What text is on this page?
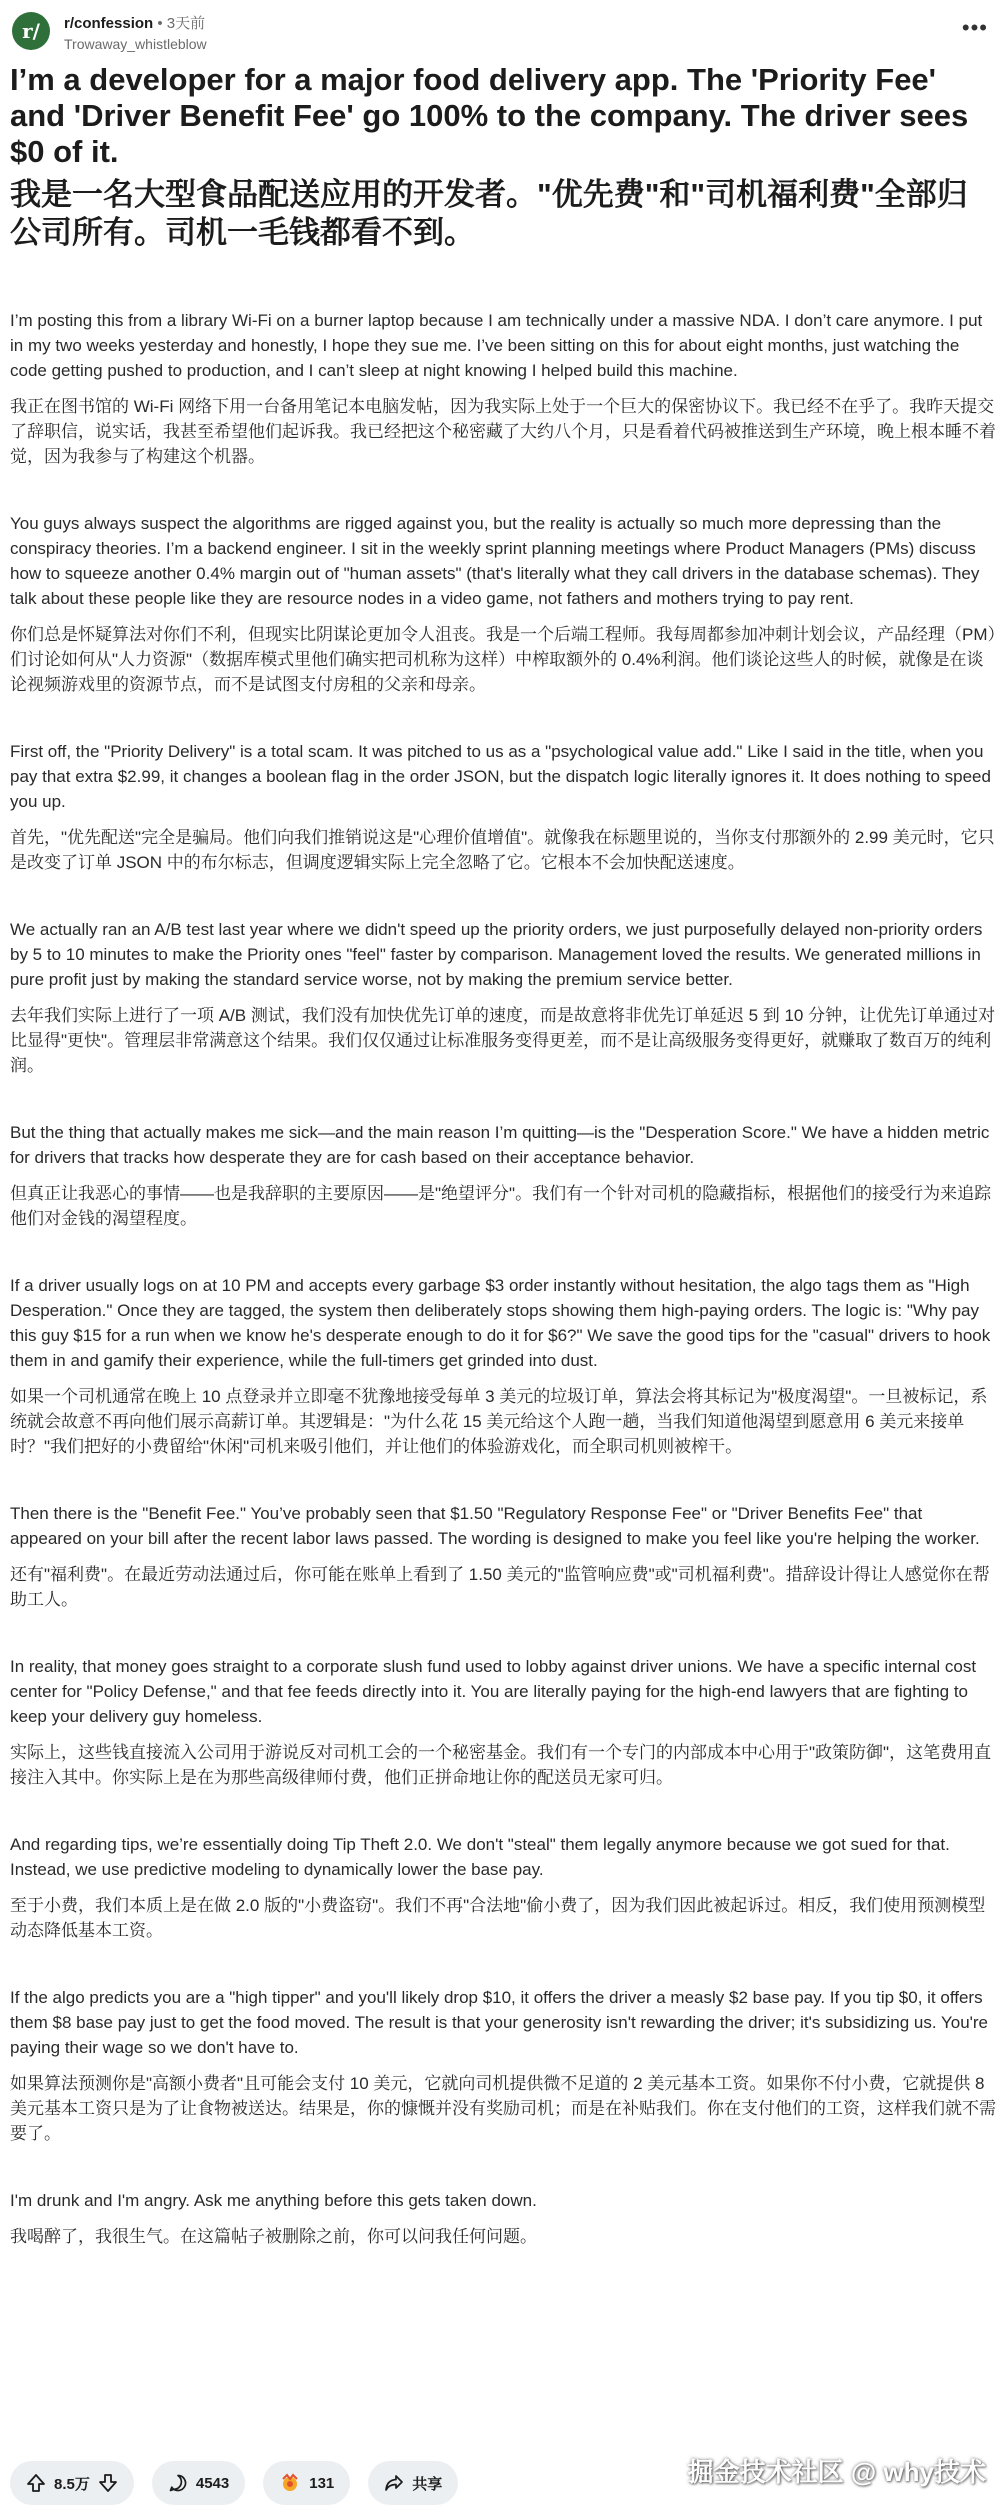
r/	r/confession • 3天前
Trowaway_whistleblow
•••
I’m a developer for a major food delivery app. The 'Priority Fee' and 'Driver Benefit Fee' go 100% to the company. The driver sees $0 of it.
我是一名大型食品配送应用的开发者。"优先费"和"司机福利费"全部归公司所有。司机一毛钱都看不到。

I’m posting this from a library Wi-Fi on a burner laptop because I am technically under a massive NDA. I don’t care anymore. I put in my two weeks yesterday and honestly, I hope they sue me. I’ve been sitting on this for about eight months, just watching the code getting pushed to production, and I can’t sleep at night knowing I helped build this machine.

我正在图书馆的 Wi-Fi 网络下用一台备用笔记本电脑发帖，因为我实际上处于一个巨大的保密协议下。我已经不在乎了。我昨天提交了辞职信，说实话，我甚至希望他们起诉我。我已经把这个秘密藏了大约八个月，只是看着代码被推送到生产环境，晚上根本睡不着觉，因为我参与了构建这个机器。

You guys always suspect the algorithms are rigged against you, but the reality is actually so much more depressing than the conspiracy theories. I’m a backend engineer. I sit in the weekly sprint planning meetings where Product Managers (PMs) discuss how to squeeze another 0.4% margin out of "human assets" (that's literally what they call drivers in the database schemas). They talk about these people like they are resource nodes in a video game, not fathers and mothers trying to pay rent.

你们总是怀疑算法对你们不利，但现实比阴谋论更加令人沮丧。我是一个后端工程师。我每周都参加冲刺计划会议，产品经理（PM）们讨论如何从"人力资源"（数据库模式里他们确实把司机称为这样）中榨取额外的 0.4%利润。他们谈论这些人的时候，就像是在谈论视频游戏里的资源节点，而不是试图支付房租的父亲和母亲。

First off, the "Priority Delivery" is a total scam. It was pitched to us as a "psychological value add." Like I said in the title, when you pay that extra $2.99, it changes a boolean flag in the order JSON, but the dispatch logic literally ignores it. It does nothing to speed you up.

首先，"优先配送"完全是骗局。他们向我们推销说这是"心理价值增值"。就像我在标题里说的，当你支付那额外的 2.99 美元时，它只是改变了订单 JSON 中的布尔标志，但调度逻辑实际上完全忽略了它。它根本不会加快配送速度。

We actually ran an A/B test last year where we didn't speed up the priority orders, we just purposefully delayed non-priority orders by 5 to 10 minutes to make the Priority ones "feel" faster by comparison. Management loved the results. We generated millions in pure profit just by making the standard service worse, not by making the premium service better.

去年我们实际上进行了一项 A/B 测试，我们没有加快优先订单的速度，而是故意将非优先订单延迟 5 到 10 分钟，让优先订单通过对比显得"更快"。管理层非常满意这个结果。我们仅仅通过让标准服务变得更差，而不是让高级服务变得更好，就赚取了数百万的纯利润。

But the thing that actually makes me sick—and the main reason I’m quitting—is the "Desperation Score." We have a hidden metric for drivers that tracks how desperate they are for cash based on their acceptance behavior.

但真正让我恶心的事情——也是我辞职的主要原因——是"绝望评分"。我们有一个针对司机的隐藏指标，根据他们的接受行为来追踪他们对金钱的渴望程度。

If a driver usually logs on at 10 PM and accepts every garbage $3 order instantly without hesitation, the algo tags them as "High Desperation." Once they are tagged, the system then deliberately stops showing them high-paying orders. The logic is: "Why pay this guy $15 for a run when we know he's desperate enough to do it for $6?" We save the good tips for the "casual" drivers to hook them in and gamify their experience, while the full-timers get grinded into dust.

如果一个司机通常在晚上 10 点登录并立即毫不犹豫地接受每单 3 美元的垃圾订单，算法会将其标记为"极度渴望"。一旦被标记，系统就会故意不再向他们展示高薪订单。其逻辑是："为什么花 15 美元给这个人跑一趟，当我们知道他渴望到愿意用 6 美元来接单时？"我们把好的小费留给"休闲"司机来吸引他们，并让他们的体验游戏化，而全职司机则被榨干。

Then there is the "Benefit Fee." You’ve probably seen that $1.50 "Regulatory Response Fee" or "Driver Benefits Fee" that appeared on your bill after the recent labor laws passed. The wording is designed to make you feel like you're helping the worker.

还有"福利费"。在最近劳动法通过后，你可能在账单上看到了 1.50 美元的"监管响应费"或"司机福利费"。措辞设计得让人感觉你在帮助工人。

In reality, that money goes straight to a corporate slush fund used to lobby against driver unions. We have a specific internal cost center for "Policy Defense," and that fee feeds directly into it. You are literally paying for the high-end lawyers that are fighting to keep your delivery guy homeless.

实际上，这些钱直接流入公司用于游说反对司机工会的一个秘密基金。我们有一个专门的内部成本中心用于"政策防御"，这笔费用直接注入其中。你实际上是在为那些高级律师付费，他们正拼命地让你的配送员无家可归。

And regarding tips, we’re essentially doing Tip Theft 2.0. We don't "steal" them legally anymore because we got sued for that. Instead, we use predictive modeling to dynamically lower the base pay.

至于小费，我们本质上是在做 2.0 版的"小费盗窃"。我们不再"合法地"偷小费了，因为我们因此被起诉过。相反，我们使用预测模型动态降低基本工资。

If the algo predicts you are a "high tipper" and you'll likely drop $10, it offers the driver a measly $2 base pay. If you tip $0, it offers them $8 base pay just to get the food moved. The result is that your generosity isn't rewarding the driver; it's subsidizing us. You're paying their wage so we don't have to.

如果算法预测你是"高额小费者"且可能会支付 10 美元，它就向司机提供微不足道的 2 美元基本工资。如果你不付小费，它就提供 8 美元基本工资只是为了让食物被送达。结果是，你的慷慨并没有奖励司机；而是在补贴我们。你在支付他们的工资，这样我们就不需要了。

I'm drunk and I'm angry. Ask me anything before this gets taken down.

我喝醉了，我很生气。在这篇帖子被删除之前，你可以问我任何问题。

8.5万	4543	131	共享	掘金技术社区 @ why技术
